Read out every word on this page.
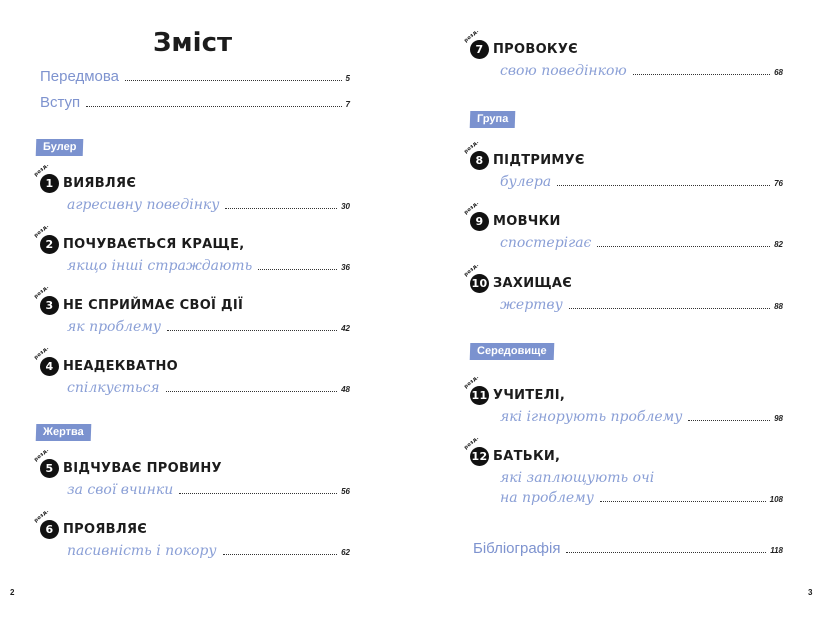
Зміст
Передмова	5
Вступ	7
Булер
розд.
1 ВИЯВЛЯЄ
агресивну поведінку	30
розд.
2 ПОЧУВАЄТЬСЯ КРАЩЕ,
якщо інші страждають	36
розд.
3 НЕ СПРИЙМАЄ СВОЇ ДІЇ
як проблему	42
розд.
4 НЕАДЕКВАТНО
спілкується	48
Жертва
розд.
5 ВІДЧУВАЄ ПРОВИНУ
за свої вчинки	56
розд.
6 ПРОЯВЛЯЄ
пасивність і покору	62
2
розд.
7 ПРОВОКУЄ
свою поведінкою	68
Група
розд.
8 ПІДТРИМУЄ
булера	76
розд.
9 МОВЧКИ
спостерігає	82
розд.
10 ЗАХИЩАЄ
жертву	88
Середовище
розд.
11 УЧИТЕЛІ,
які ігнорують проблему	98
розд.
12 БАТЬКИ,
які заплющують очі
на проблему	108
Бібліографія	118
3
